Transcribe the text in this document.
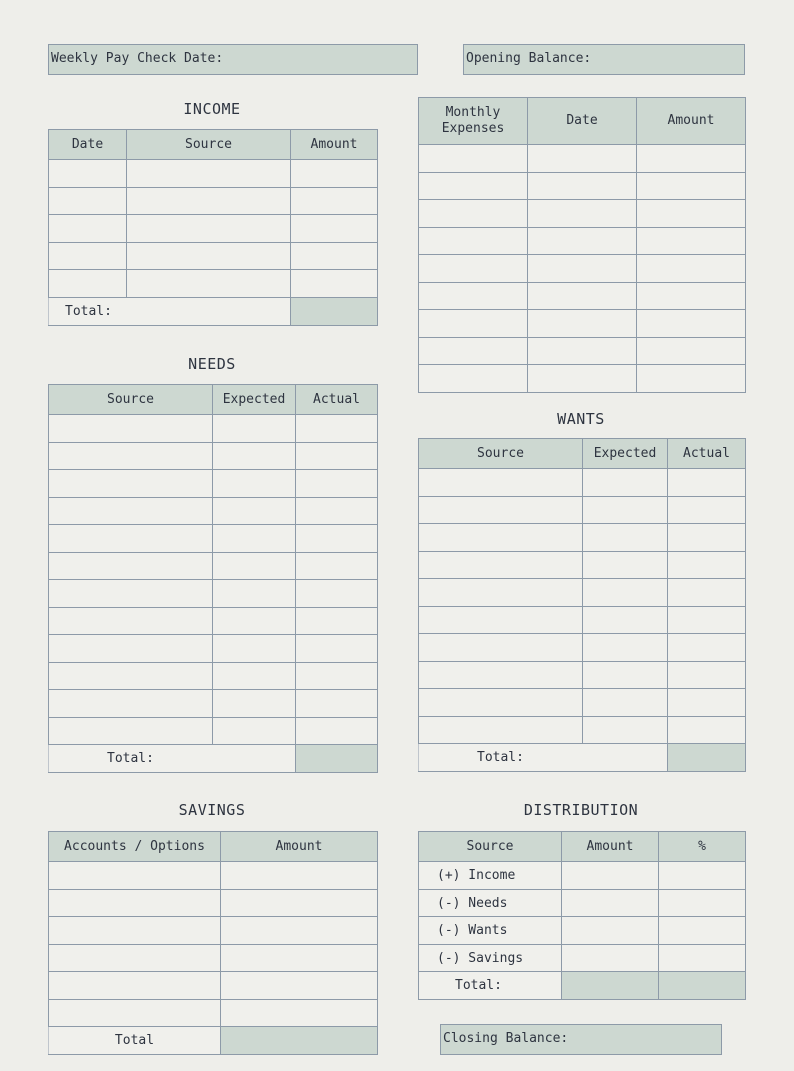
Weekly Pay Check Date:	Opening Balance:
INCOME
Date	Source	Amount

Total:		
Monthly Expenses	Date	Amount

NEEDS
Source	Expected	Actual

Total:		
WANTS
Source	Expected	Actual

Total:		
SAVINGS
Accounts / Options	Amount

Total	
DISTRIBUTION
Source	Amount	%
(+) Income		
(-) Needs		
(-) Wants		
(-) Savings		
Total:		
Closing Balance:
